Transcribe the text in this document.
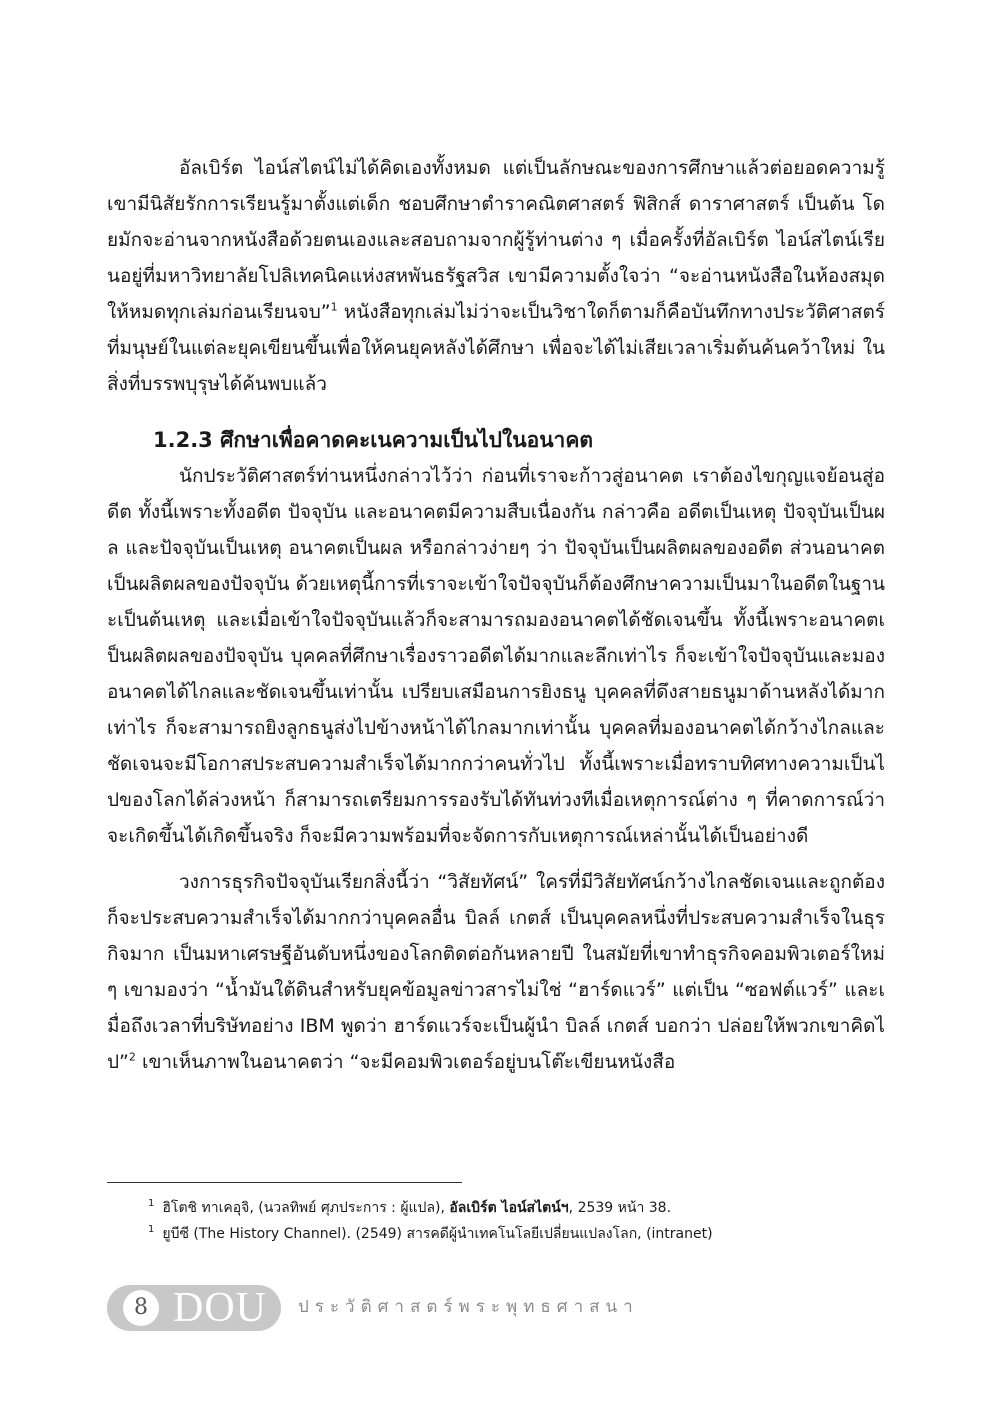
อัลเบิร์ต ไอน์สไตน์ไม่ได้คิดเองทั้งหมด แต่เป็นลักษณะของการศึกษาแล้วต่อยอดความรู้ เขามีนิสัยรักการเรียนรู้มาตั้งแต่เด็ก ชอบศึกษาตำราคณิตศาสตร์ ฟิสิกส์ ดาราศาสตร์ เป็นต้น โดยมักจะอ่านจากหนังสือด้วยตนเองและสอบถามจากผู้รู้ท่านต่าง ๆ เมื่อครั้งที่อัลเบิร์ต ไอน์สไตน์เรียนอยู่ที่มหาวิทยาลัยโปลิเทคนิคแห่งสหพันธรัฐสวิส เขามีความตั้งใจว่า “จะอ่านหนังสือในห้องสมุดให้หมดทุกเล่มก่อนเรียนจบ”$^1$ หนังสือทุกเล่มไม่ว่าจะเป็นวิชาใดก็ตามก็คือบันทึกทางประวัติศาสตร์ที่มนุษย์ในแต่ละยุคเขียนขึ้นเพื่อให้คนยุคหลังได้ศึกษา เพื่อจะได้ไม่เสียเวลาเริ่มต้นค้นคว้าใหม่ ในสิ่งที่บรรพบุรุษได้ค้นพบแล้ว

1.2.3 ศึกษาเพื่อคาดคะเนความเป็นไปในอนาคต

นักประวัติศาสตร์ท่านหนึ่งกล่าวไว้ว่า ก่อนที่เราจะก้าวสู่อนาคต เราต้องไขกุญแจย้อนสู่อดีต ทั้งนี้เพราะทั้งอดีต ปัจจุบัน และอนาคตมีความสืบเนื่องกัน กล่าวคือ อดีตเป็นเหตุ ปัจจุบันเป็นผล และปัจจุบันเป็นเหตุ อนาคตเป็นผล หรือกล่าวง่ายๆ ว่า ปัจจุบันเป็นผลิตผลของอดีต ส่วนอนาคตเป็นผลิตผลของปัจจุบัน ด้วยเหตุนี้การที่เราจะเข้าใจปัจจุบันก็ต้องศึกษาความเป็นมาในอดีตในฐานะเป็นต้นเหตุ และเมื่อเข้าใจปัจจุบันแล้วก็จะสามารถมองอนาคตได้ชัดเจนขึ้น ทั้งนี้เพราะอนาคตเป็นผลิตผลของปัจจุบัน บุคคลที่ศึกษาเรื่องราวอดีตได้มากและลึกเท่าไร ก็จะเข้าใจปัจจุบันและมองอนาคตได้ไกลและชัดเจนขึ้นเท่านั้น เปรียบเสมือนการยิงธนู บุคคลที่ดึงสายธนูมาด้านหลังได้มากเท่าไร ก็จะสามารถยิงลูกธนูส่งไปข้างหน้าได้ไกลมากเท่านั้น บุคคลที่มองอนาคตได้กว้างไกลและชัดเจนจะมีโอกาสประสบความสำเร็จได้มากกว่าคนทั่วไป ทั้งนี้เพราะเมื่อทราบทิศทางความเป็นไปของโลกได้ล่วงหน้า ก็สามารถเตรียมการรองรับได้ทันท่วงทีเมื่อเหตุการณ์ต่าง ๆ ที่คาดการณ์ว่าจะเกิดขึ้นได้เกิดขึ้นจริง ก็จะมีความพร้อมที่จะจัดการกับเหตุการณ์เหล่านั้นได้เป็นอย่างดี

วงการธุรกิจปัจจุบันเรียกสิ่งนี้ว่า “วิสัยทัศน์” ใครที่มีวิสัยทัศน์กว้างไกลชัดเจนและถูกต้อง ก็จะประสบความสำเร็จได้มากกว่าบุคคลอื่น บิลล์ เกตส์ เป็นบุคคลหนึ่งที่ประสบความสำเร็จในธุรกิจมาก เป็นมหาเศรษฐีอันดับหนึ่งของโลกติดต่อกันหลายปี ในสมัยที่เขาทำธุรกิจคอมพิวเตอร์ใหม่ๆ เขามองว่า “น้ำมันใต้ดินสำหรับยุคข้อมูลข่าวสารไม่ใช่ “ฮาร์ดแวร์” แต่เป็น “ซอฟต์แวร์” และเมื่อถึงเวลาที่บริษัทอย่าง IBM พูดว่า ฮาร์ดแวร์จะเป็นผู้นำ บิลล์ เกตส์ บอกว่า ปล่อยให้พวกเขาคิดไป”$^2$ เขาเห็นภาพในอนาคตว่า “จะมีคอมพิวเตอร์อยู่บนโต๊ะเขียนหนังสือ

$^1$ ฮิโตชิ ทาเคอุจิ, (นวลทิพย์ ศุภประการ : ผู้แปล), อัลเบิร์ต ไอน์สไตน์ฯ, 2539 หน้า 38.
$^1$ ยูบีซี (The History Channel). (2549) สารคดีผู้นำเทคโนโลยีเปลี่ยนแปลงโลก, (intranet)
8 DOU ประวัติศาสตร์พระพุทธศาสนา
